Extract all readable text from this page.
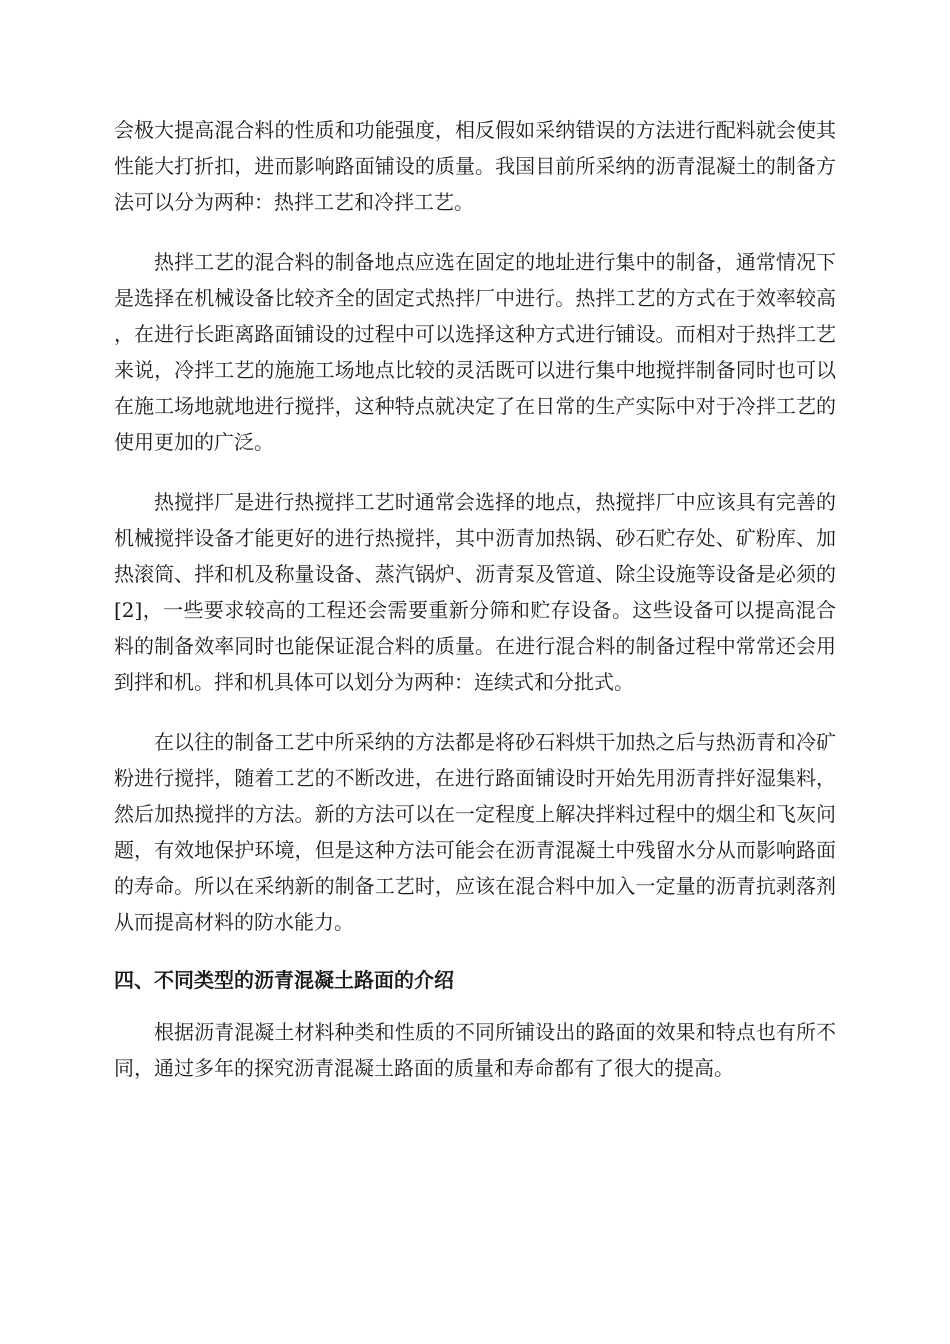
会极大提高混合料的性质和功能强度，相反假如采纳错误的方法进行配料就会使其性能大打折扣，进而影响路面铺设的质量。我国目前所采纳的沥青混凝土的制备方法可以分为两种：热拌工艺和冷拌工艺。

热拌工艺的混合料的制备地点应选在固定的地址进行集中的制备，通常情况下是选择在机械设备比较齐全的固定式热拌厂中进行。热拌工艺的方式在于效率较高，在进行长距离路面铺设的过程中可以选择这种方式进行铺设。而相对于热拌工艺来说，冷拌工艺的施施工场地点比较的灵活既可以进行集中地搅拌制备同时也可以在施工场地就地进行搅拌，这种特点就决定了在日常的生产实际中对于冷拌工艺的使用更加的广泛。

热搅拌厂是进行热搅拌工艺时通常会选择的地点，热搅拌厂中应该具有完善的机械搅拌设备才能更好的进行热搅拌，其中沥青加热锅、砂石贮存处、矿粉库、加热滚筒、拌和机及称量设备、蒸汽锅炉、沥青泵及管道、除尘设施等设备是必须的[2]，一些要求较高的工程还会需要重新分筛和贮存设备。这些设备可以提高混合料的制备效率同时也能保证混合料的质量。在进行混合料的制备过程中常常还会用到拌和机。拌和机具体可以划分为两种：连续式和分批式。

在以往的制备工艺中所采纳的方法都是将砂石料烘干加热之后与热沥青和冷矿粉进行搅拌，随着工艺的不断改进，在进行路面铺设时开始先用沥青拌好湿集料，然后加热搅拌的方法。新的方法可以在一定程度上解决拌料过程中的烟尘和飞灰问题，有效地保护环境，但是这种方法可能会在沥青混凝土中残留水分从而影响路面的寿命。所以在采纳新的制备工艺时，应该在混合料中加入一定量的沥青抗剥落剂从而提高材料的防水能力。

四、不同类型的沥青混凝土路面的介绍

根据沥青混凝土材料种类和性质的不同所铺设出的路面的效果和特点也有所不同，通过多年的探究沥青混凝土路面的质量和寿命都有了很大的提高。
